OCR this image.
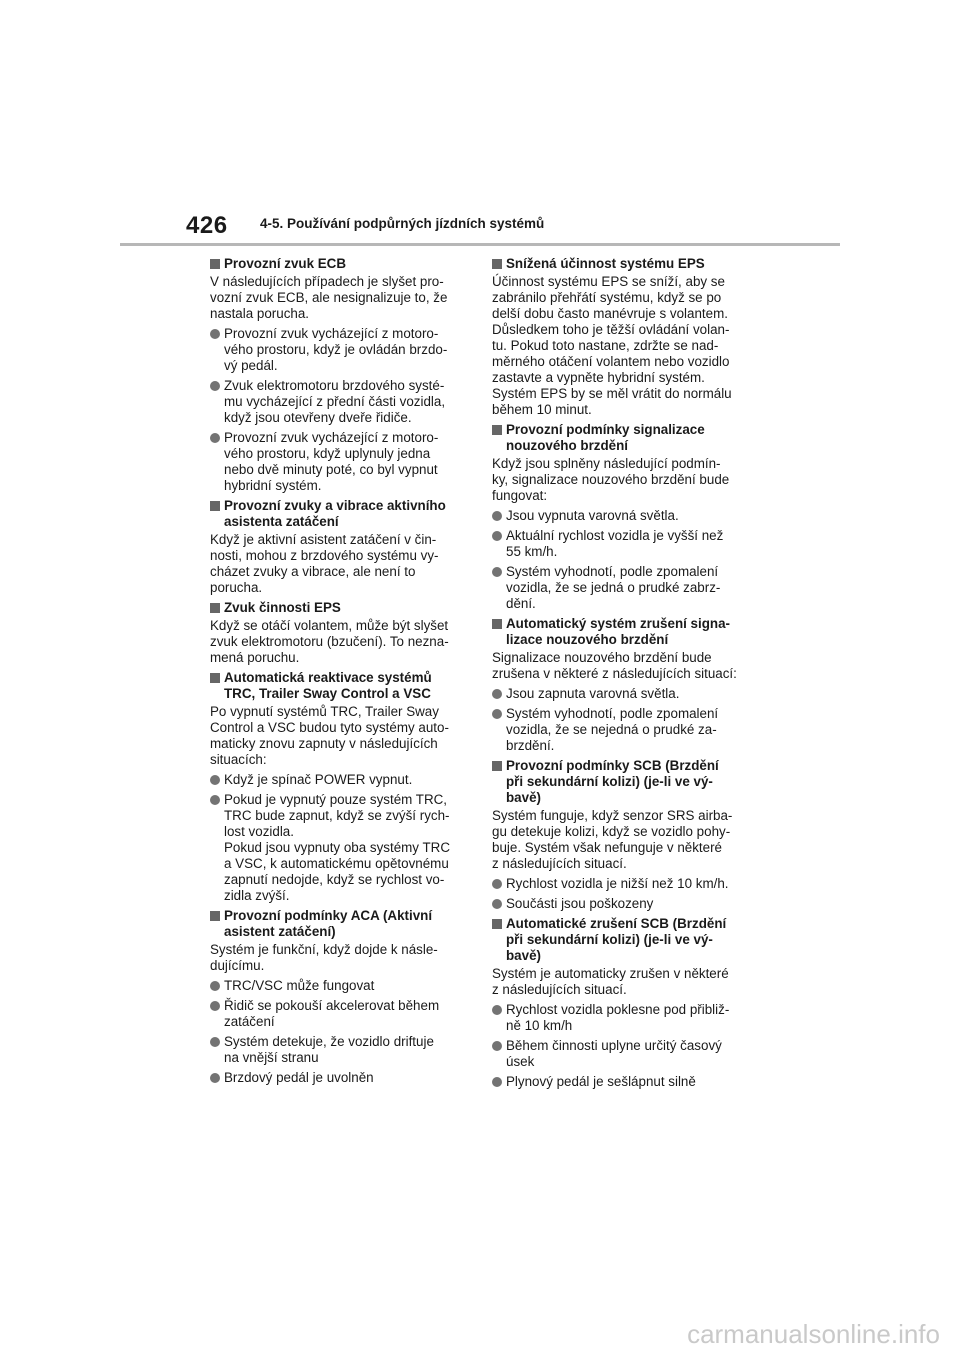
426 4-5. Používání podpůrných jízdních systémů
Provozní zvuk ECB
V následujících případech je slyšet pro-
vozní zvuk ECB, ale nesignalizuje to, že
nastala porucha.
Provozní zvuk vycházející z motoro-
vého prostoru, když je ovládán brzdo-
vý pedál.
Zvuk elektromotoru brzdového systé-
mu vycházející z přední části vozidla,
když jsou otevřeny dveře řidiče.
Provozní zvuk vycházející z motoro-
vého prostoru, když uplynuly jedna
nebo dvě minuty poté, co byl vypnut
hybridní systém.
Provozní zvuky a vibrace aktivního
asistenta zatáčení
Když je aktivní asistent zatáčení v čin-
nosti, mohou z brzdového systému vy-
cházet zvuky a vibrace, ale není to
porucha.
Zvuk činnosti EPS
Když se otáčí volantem, může být slyšet
zvuk elektromotoru (bzučení). To nezna-
mená poruchu.
Automatická reaktivace systémů
TRC, Trailer Sway Control a VSC
Po vypnutí systémů TRC, Trailer Sway
Control a VSC budou tyto systémy auto-
maticky znovu zapnuty v následujících
situacích:
Když je spínač POWER vypnut.
Pokud je vypnutý pouze systém TRC,
TRC bude zapnut, když se zvýší rych-
lost vozidla.
Pokud jsou vypnuty oba systémy TRC
a VSC, k automatickému opětovnému
zapnutí nedojde, když se rychlost vo-
zidla zvýší.
Provozní podmínky ACA (Aktivní
asistent zatáčení)
Systém je funkční, když dojde k násle-
dujícímu.
TRC/VSC může fungovat
Řidič se pokouší akcelerovat během
zatáčení
Systém detekuje, že vozidlo driftuje
na vnější stranu
Brzdový pedál je uvolněn
Snížená účinnost systému EPS
Účinnost systému EPS se sníží, aby se
zabránilo přehřátí systému, když se po
delší dobu často manévruje s volantem.
Důsledkem toho je těžší ovládání volan-
tu. Pokud toto nastane, zdržte se nad-
měrného otáčení volantem nebo vozidlo
zastavte a vypněte hybridní systém.
Systém EPS by se měl vrátit do normálu
během 10 minut.
Provozní podmínky signalizace
nouzového brzdění
Když jsou splněny následující podmín-
ky, signalizace nouzového brzdění bude
fungovat:
Jsou vypnuta varovná světla.
Aktuální rychlost vozidla je vyšší než
55 km/h.
Systém vyhodnotí, podle zpomalení
vozidla, že se jedná o prudké zabrz-
dění.
Automatický systém zrušení signa-
lizace nouzového brzdění
Signalizace nouzového brzdění bude
zrušena v některé z následujících situací:
Jsou zapnuta varovná světla.
Systém vyhodnotí, podle zpomalení
vozidla, že se nejedná o prudké za-
brzdění.
Provozní podmínky SCB (Brzdění
při sekundární kolizi) (je-li ve vý-
bavě)
Systém funguje, když senzor SRS airba-
gu detekuje kolizi, když se vozidlo pohy-
buje. Systém však nefunguje v některé
z následujících situací.
Rychlost vozidla je nižší než 10 km/h.
Součásti jsou poškozeny
Automatické zrušení SCB (Brzdění
při sekundární kolizi) (je-li ve vý-
bavě)
Systém je automaticky zrušen v některé
z následujících situací.
Rychlost vozidla poklesne pod přibliž-
ně 10 km/h
Během činnosti uplyne určitý časový
úsek
Plynový pedál je sešlápnut silně
carmanualsonline.info
